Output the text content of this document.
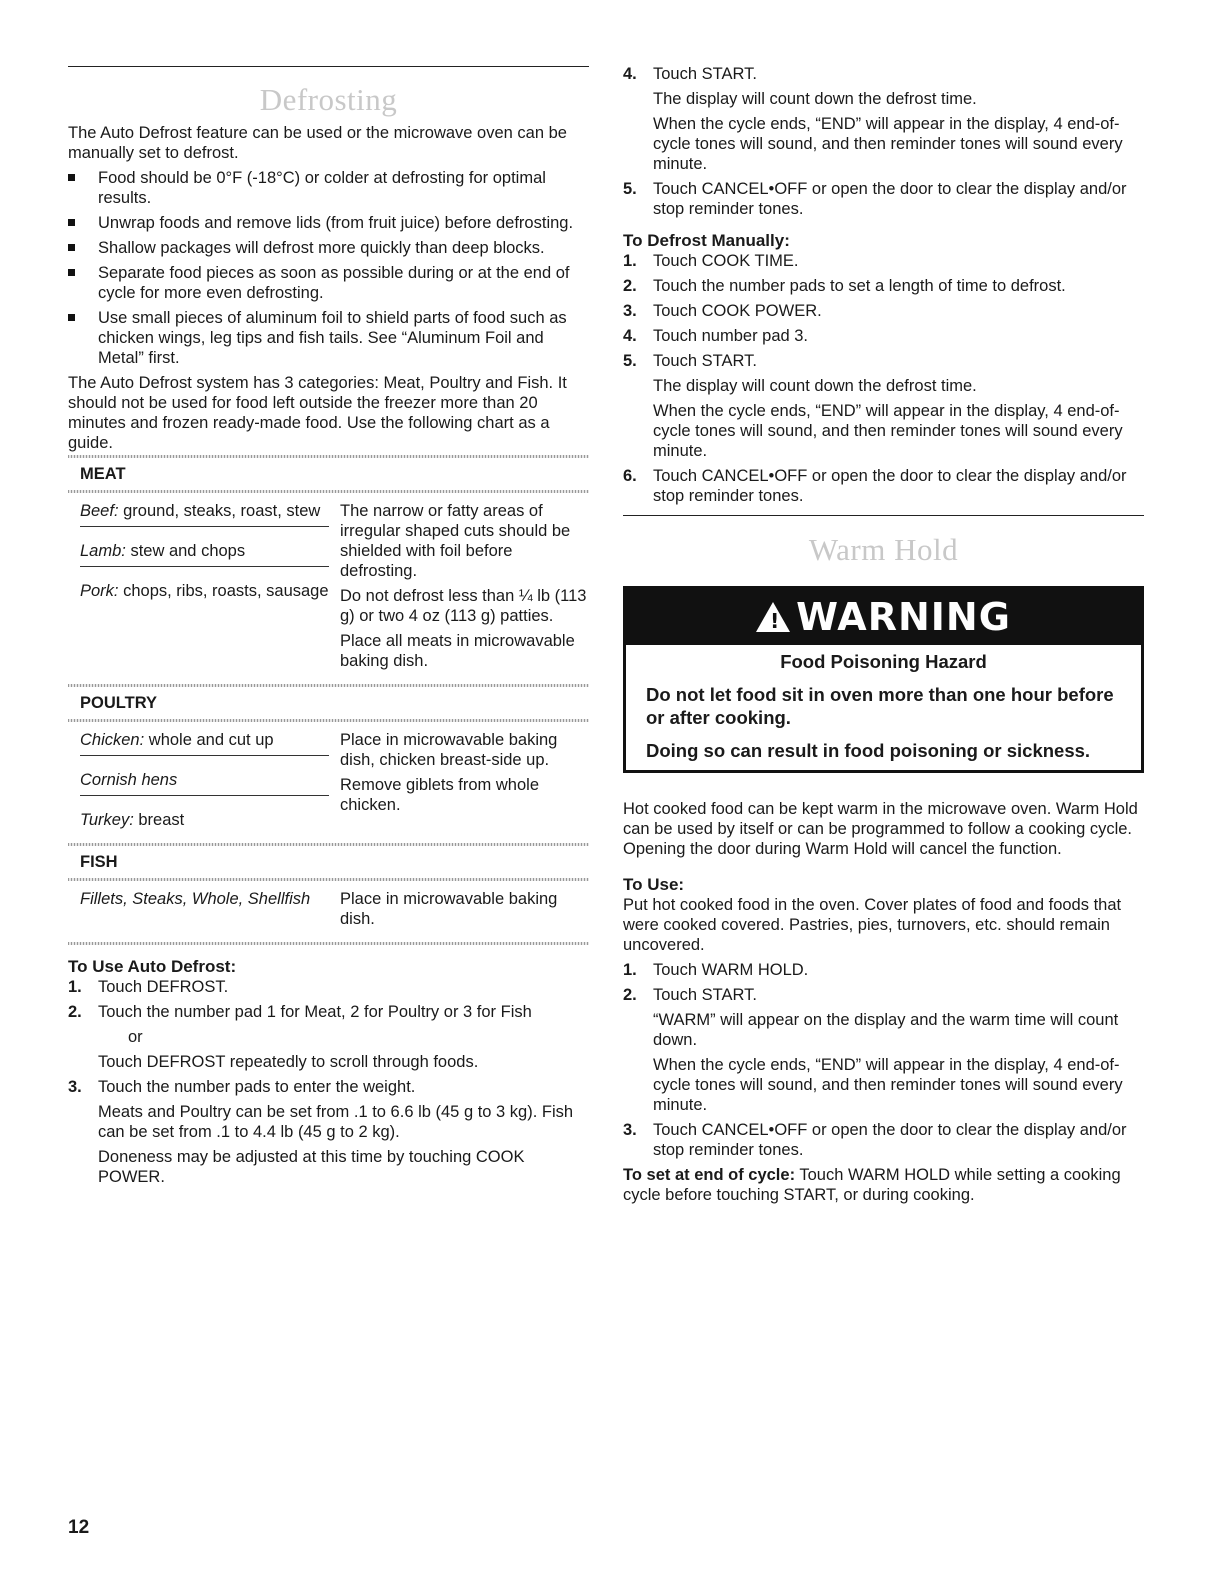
Defrosting

The Auto Defrost feature can be used or the microwave oven can be manually set to defrost.

Food should be 0°F (-18°C) or colder at defrosting for optimal results.
Unwrap foods and remove lids (from fruit juice) before defrosting.
Shallow packages will defrost more quickly than deep blocks.
Separate food pieces as soon as possible during or at the end of cycle for more even defrosting.
Use small pieces of aluminum foil to shield parts of food such as chicken wings, leg tips and fish tails. See “Aluminum Foil and Metal” first.

The Auto Defrost system has 3 categories: Meat, Poultry and Fish. It should not be used for food left outside the freezer more than 20 minutes and frozen ready-made food. Use the following chart as a guide.

MEAT
Beef: ground, steaks, roast, stew
Lamb: stew and chops
Pork: chops, ribs, roasts, sausage

The narrow or fatty areas of irregular shaped cuts should be shielded with foil before defrosting.

Do not defrost less than ¼ lb (113 g) or two 4 oz (113 g) patties.

Place all meats in microwavable baking dish.

POULTRY
Chicken: whole and cut up
Cornish hens
Turkey: breast

Place in microwavable baking dish, chicken breast-side up.

Remove giblets from whole chicken.

FISH
Fillets, Steaks, Whole, Shellfish	Place in microwavable baking dish.

To Use Auto Defrost:
1. Touch DEFROST.
2. Touch the number pad 1 for Meat, 2 for Poultry or 3 for Fish
or
Touch DEFROST repeatedly to scroll through foods.
3. Touch the number pads to enter the weight.
Meats and Poultry can be set from .1 to 6.6 lb (45 g to 3 kg). Fish can be set from .1 to 4.4 lb (45 g to 2 kg).
Doneness may be adjusted at this time by touching COOK POWER.
4. Touch START.
The display will count down the defrost time.
When the cycle ends, “END” will appear in the display, 4 end-of-cycle tones will sound, and then reminder tones will sound every minute.
5. Touch CANCEL•OFF or open the door to clear the display and/or stop reminder tones.
To Defrost Manually:
1. Touch COOK TIME.
2. Touch the number pads to set a length of time to defrost.
3. Touch COOK POWER.
4. Touch number pad 3.
5. Touch START.
The display will count down the defrost time.
When the cycle ends, “END” will appear in the display, 4 end-of-cycle tones will sound, and then reminder tones will sound every minute.
6. Touch CANCEL•OFF or open the door to clear the display and/or stop reminder tones.
Warm Hold
! WARNING
Food Poisoning Hazard
Do not let food sit in oven more than one hour before or after cooking.
Doing so can result in food poisoning or sickness.

Hot cooked food can be kept warm in the microwave oven. Warm Hold can be used by itself or can be programmed to follow a cooking cycle. Opening the door during Warm Hold will cancel the function.

To Use:

Put hot cooked food in the oven. Cover plates of food and foods that were cooked covered. Pastries, pies, turnovers, etc. should remain uncovered.

1. Touch WARM HOLD.
2. Touch START.
“WARM” will appear on the display and the warm time will count down.
When the cycle ends, “END” will appear in the display, 4 end-of-cycle tones will sound, and then reminder tones will sound every minute.
3. Touch CANCEL•OFF or open the door to clear the display and/or stop reminder tones.

To set at end of cycle: Touch WARM HOLD while setting a cooking cycle before touching START, or during cooking.

12
